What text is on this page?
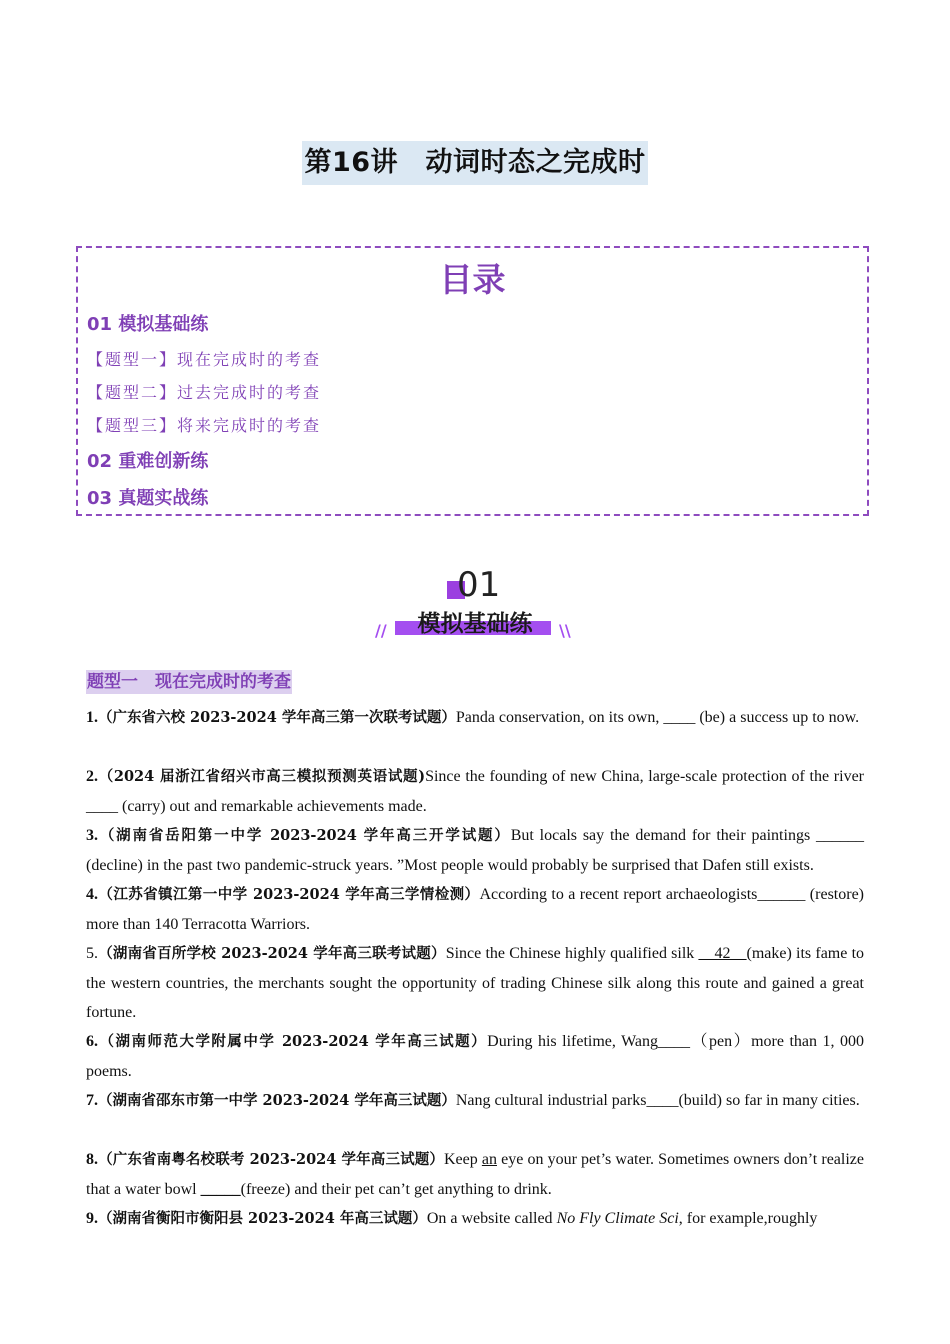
第16讲　动词时态之完成时
目录
01 模拟基础练
【题型一】现在完成时的考查
【题型二】过去完成时的考查
【题型三】将来完成时的考查
02 重难创新练
03 真题实战练
01
//	模拟基础练	\\
题型一　现在完成时的考查

1.（广东省六校 2023-2024 学年高三第一次联考试题）Panda conservation, on its own, ____ (be) a success up to now.

2.（2024 届浙江省绍兴市高三模拟预测英语试题)Since the founding of new China, large-scale protection of the river ____ (carry) out and remarkable achievements made.

3.（湖南省岳阳第一中学 2023-2024 学年高三开学试题）But locals say the demand for their paintings ______ (decline) in the past two pandemic-struck years. ”Most people would probably be surprised that Dafen still exists.

4.（江苏省镇江第一中学 2023-2024 学年高三学情检测）According to a recent report archaeologists______ (restore) more than 140 Terracotta Warriors.

5.（湖南省百所学校 2023-2024 学年高三联考试题）Since the Chinese highly qualified silk __42__(make) its fame to the western countries, the merchants sought the opportunity of trading Chinese silk along this route and gained a great fortune.

6.（湖南师范大学附属中学 2023-2024 学年高三试题）During his lifetime, Wang____（pen）more than 1, 000 poems.

7.（湖南省邵东市第一中学 2023-2024 学年高三试题）Nang cultural industrial parks____(build) so far in many cities.

8.（广东省南粤名校联考 2023-2024 学年高三试题）Keep an eye on your pet’s water. Sometimes owners don’t realize that a water bowl _____(freeze) and their pet can’t get anything to drink.

9.（湖南省衡阳市衡阳县 2023-2024 年高三试题）On a website called No Fly Climate Sci, for example,roughly
